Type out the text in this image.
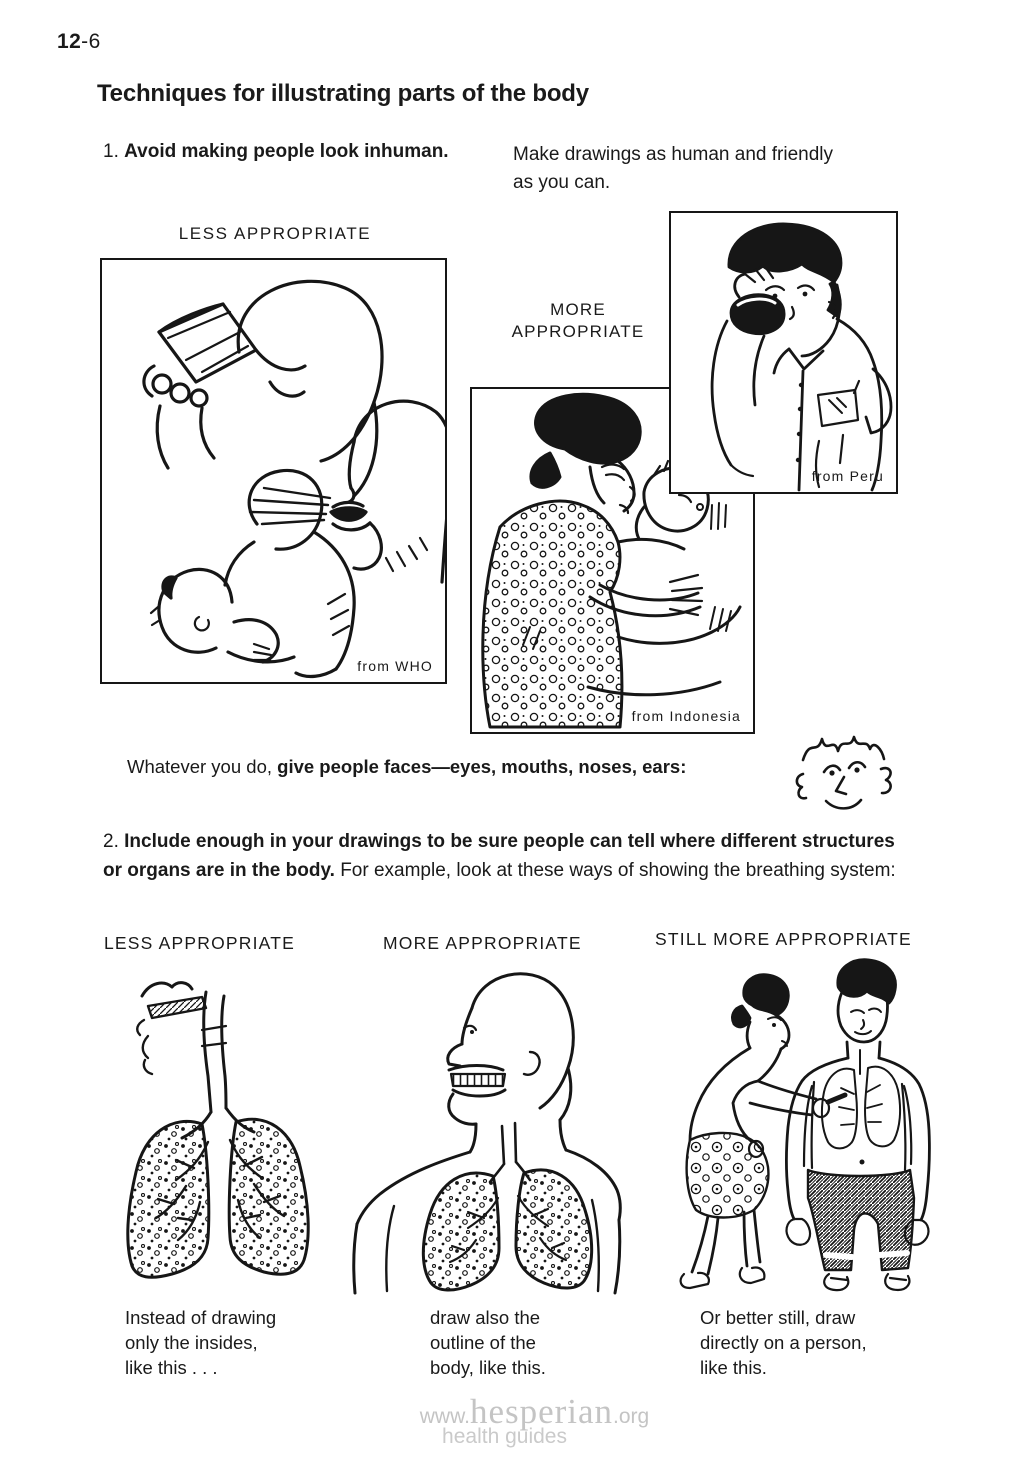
12-6
Techniques for illustrating parts of the body
1. Avoid making people look inhuman.	Make drawings as human and friendly
as you can.
LESS APPROPRIATE
from WHO
MORE
APPROPRIATE
from Indonesia
from Peru
Whatever you do, give people faces—eyes, mouths, noses, ears:
2. Include enough in your drawings to be sure people can tell where different structures or organs are in the body. For example, look at these ways of showing the breathing system:
LESS APPROPRIATE	MORE APPROPRIATE	STILL MORE APPROPRIATE
Instead of drawing
only the insides,
like this . . .
draw also the
outline of the
body, like this.
Or better still, draw
directly on a person,
like this.
www.hesperian.org
health guides
